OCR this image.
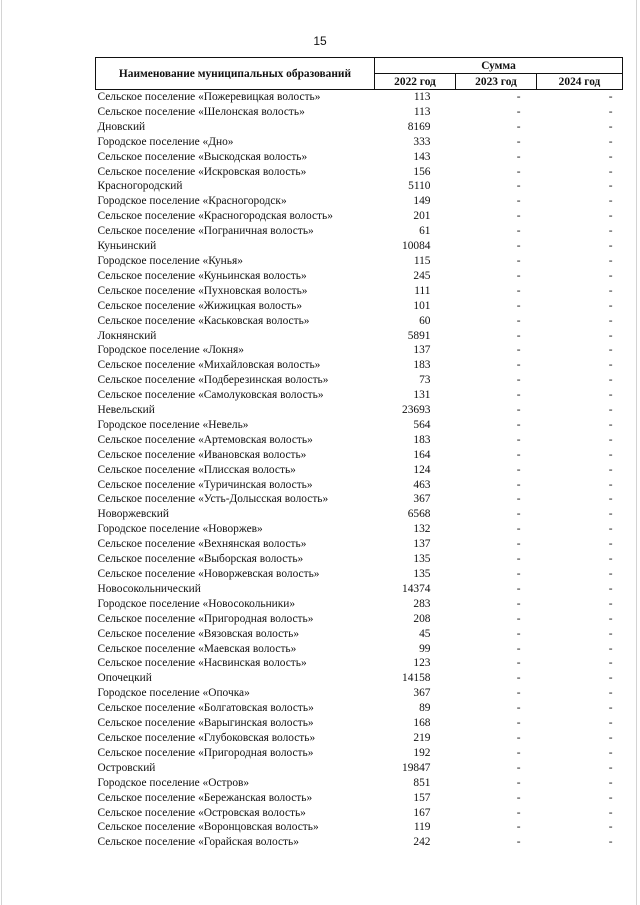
15
Наименование муниципальных образований	Сумма		
	2022 год	2023 год	2024 год
Сельское поселение «Пожеревицкая волость»	113	-	-
Сельское поселение «Шелонская волость»	113	-	-
Дновский	8169	-	-
Городское поселение «Дно»	333	-	-
Сельское поселение «Выскодская волость»	143	-	-
Сельское поселение «Искровская волость»	156	-	-
Красногородский	5110	-	-
Городское поселение «Красногородск»	149	-	-
Сельское поселение «Красногородская волость»	201	-	-
Сельское поселение «Пограничная волость»	61	-	-
Куньинский	10084	-	-
Городское поселение «Кунья»	115	-	-
Сельское поселение «Куньинская волость»	245	-	-
Сельское поселение «Пухновская волость»	111	-	-
Сельское поселение «Жижицкая волость»	101	-	-
Сельское поселение «Каськовская волость»	60	-	-
Локнянский	5891	-	-
Городское поселение «Локня»	137	-	-
Сельское поселение «Михайловская волость»	183	-	-
Сельское поселение «Подберезинская волость»	73	-	-
Сельское поселение «Самолуковская волость»	131	-	-
Невельский	23693	-	-
Городское поселение «Невель»	564	-	-
Сельское поселение «Артемовская волость»	183	-	-
Сельское поселение «Ивановская волость»	164	-	-
Сельское поселение «Плисская волость»	124	-	-
Сельское поселение «Туричинская волость»	463	-	-
Сельское поселение «Усть-Долысская волость»	367	-	-
Новоржевский	6568	-	-
Городское поселение «Новоржев»	132	-	-
Сельское поселение «Вехнянская волость»	137	-	-
Сельское поселение «Выборская волость»	135	-	-
Сельское поселение «Новоржевская волость»	135	-	-
Новосокольнический	14374	-	-
Городское поселение «Новосокольники»	283	-	-
Сельское поселение «Пригородная волость»	208	-	-
Сельское поселение «Вязовская волость»	45	-	-
Сельское поселение «Маевская волость»	99	-	-
Сельское поселение «Насвинская волость»	123	-	-
Опочецкий	14158	-	-
Городское поселение «Опочка»	367	-	-
Сельское поселение «Болгатовская волость»	89	-	-
Сельское поселение «Варыгинская волость»	168	-	-
Сельское поселение «Глубоковская волость»	219	-	-
Сельское поселение «Пригородная волость»	192	-	-
Островский	19847	-	-
Городское поселение «Остров»	851	-	-
Сельское поселение «Бережанская волость»	157	-	-
Сельское поселение «Островская волость»	167	-	-
Сельское поселение «Воронцовская волость»	119	-	-
Сельское поселение «Горайская волость»	242	-	-
